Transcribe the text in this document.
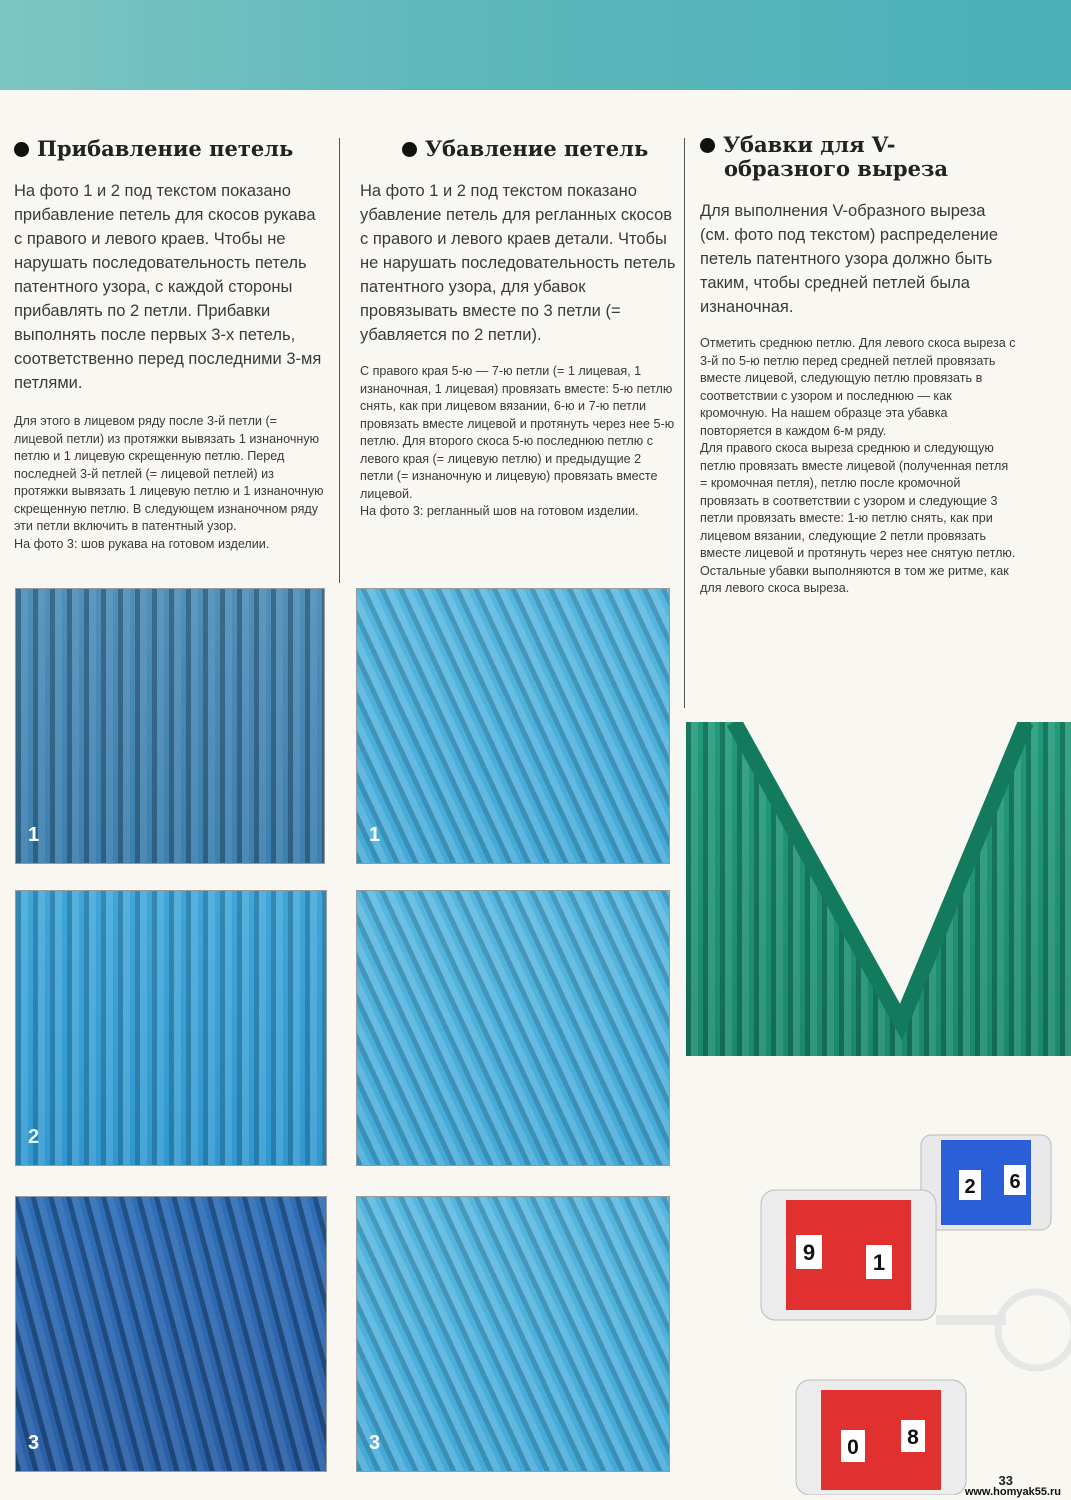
Прибавление петель

На фото 1 и 2 под текстом показано прибавление петель для скосов рукава с правого и левого краев. Чтобы не нарушать последовательность петель патентного узора, с каждой стороны прибавлять по 2 петли. Прибавки выполнять после первых 3-х петель, соответственно перед последними 3-мя петлями.

Для этого в лицевом ряду после 3-й петли (= лицевой петли) из протяжки вывязать 1 изнаночную петлю и 1 лицевую скрещенную петлю. Перед последней 3-й петлей (= лицевой петлей) из протяжки вывязать 1 лицевую петлю и 1 изнаночную скрещенную петлю. В следующем изнаночном ряду эти петли включить в патентный узор.

На фото 3: шов рукава на готовом изделии.

1
2
3
Убавление петель

На фото 1 и 2 под текстом показано убавление петель для регланных скосов с правого и левого краев детали. Чтобы не нарушать последовательность петель патентного узора, для убавок провязывать вместе по 3 петли (= убавляется по 2 петли).

С правого края 5-ю — 7-ю петли (= 1 лицевая, 1 изнаночная, 1 лицевая) провязать вместе: 5-ю петлю снять, как при лицевом вязании, 6-ю и 7-ю петли провязать вместе лицевой и протянуть через нее 5-ю петлю. Для второго скоса 5-ю последнюю петлю с левого края (= лицевую петлю) и предыдущие 2 петли (= изнаночную и лицевую) провязать вместе лицевой.

На фото 3: регланный шов на готовом изделии.

1
3
Убавки для V-образного выреза

Для выполнения V-образного выреза (см. фото под текстом) распределение петель патентного узора должно быть таким, чтобы средней петлей была изнаночная.

Отметить среднюю петлю. Для левого скоса выреза с 3-й по 5-ю петлю перед средней петлей провязать вместе лицевой, следующую петлю провязать в соответствии с узором и последнюю — как кромочную. На нашем образце эта убавка повторяется в каждом 6-м ряду.

Для правого скоса выреза среднюю и следующую петлю провязать вместе лицевой (полученная петля = кромочная петля), петлю после кромочной провязать в соответствии с узором и следующие 3 петли провязать вместе: 1-ю петлю снять, как при лицевом вязании, следующие 2 петли провязать вместе лицевой и протянуть через нее снятую петлю.

Остальные убавки выполняются в том же ритме, как для левого скоса выреза.

2 6
9	1
0 8
33
www.homyak55.ru
